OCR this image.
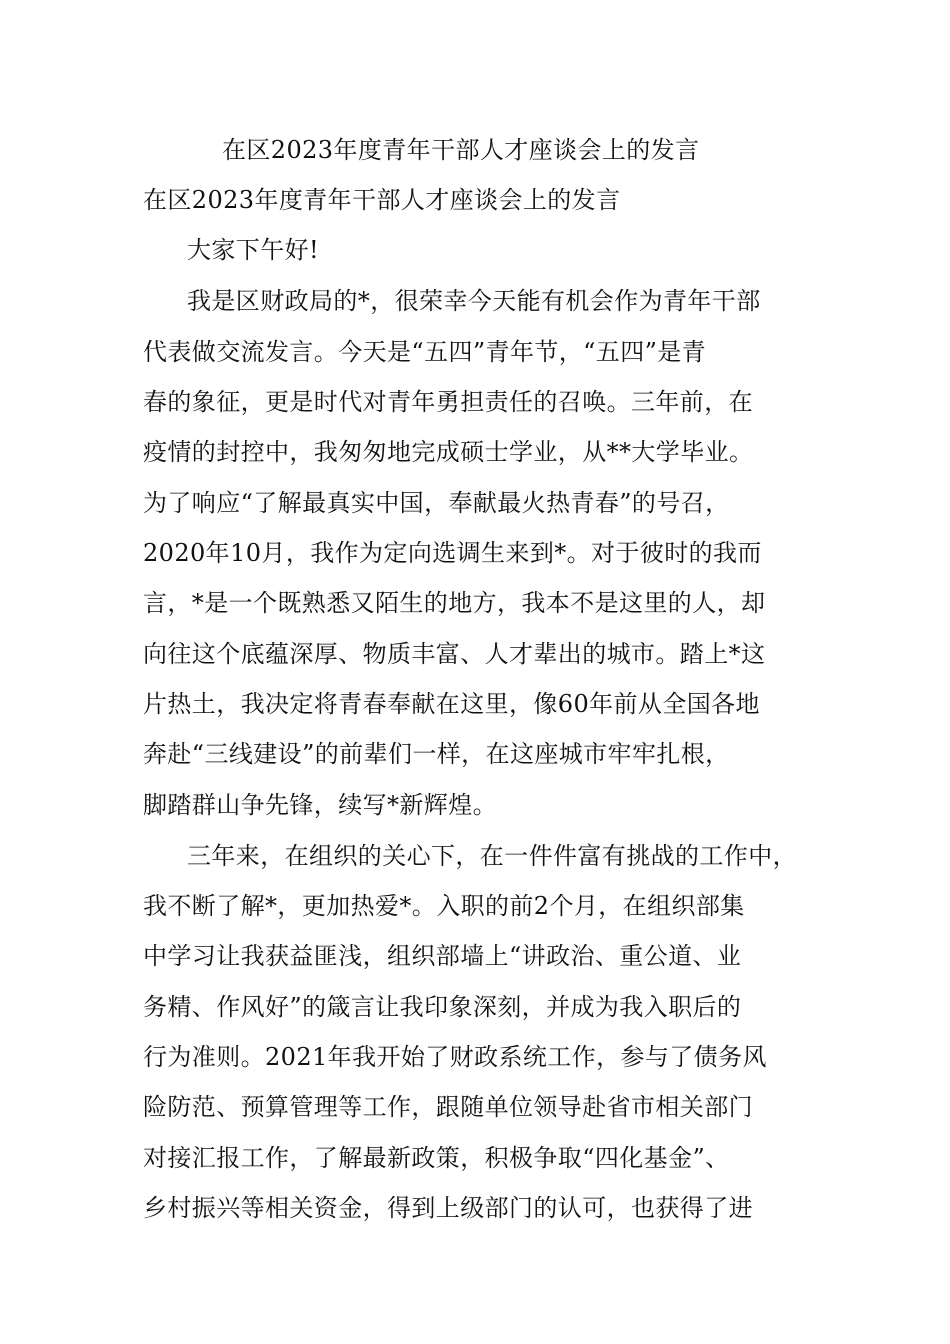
在区2023年度青年干部人才座谈会上的发言
在区2023年度青年干部人才座谈会上的发言
大家下午好!
我是区财政局的*，很荣幸今天能有机会作为青年干部
代表做交流发言。今天是“五四”青年节，“五四”是青
春的象征，更是时代对青年勇担责任的召唤。三年前，在
疫情的封控中，我匆匆地完成硕士学业，从**大学毕业。
为了响应“了解最真实中国，奉献最火热青春”的号召，
2020年10月，我作为定向选调生来到*。对于彼时的我而
言，*是一个既熟悉又陌生的地方，我本不是这里的人，却
向往这个底蕴深厚、物质丰富、人才辈出的城市。踏上*这
片热土，我决定将青春奉献在这里，像60年前从全国各地
奔赴“三线建设”的前辈们一样，在这座城市牢牢扎根，
脚踏群山争先锋，续写*新辉煌。
三年来，在组织的关心下，在一件件富有挑战的工作中，
我不断了解*，更加热爱*。入职的前2个月，在组织部集
中学习让我获益匪浅，组织部墙上“讲政治、重公道、业
务精、作风好”的箴言让我印象深刻，并成为我入职后的
行为准则。2021年我开始了财政系统工作，参与了债务风
险防范、预算管理等工作，跟随单位领导赴省市相关部门
对接汇报工作，了解最新政策，积极争取“四化基金”、
乡村振兴等相关资金，得到上级部门的认可，也获得了进
